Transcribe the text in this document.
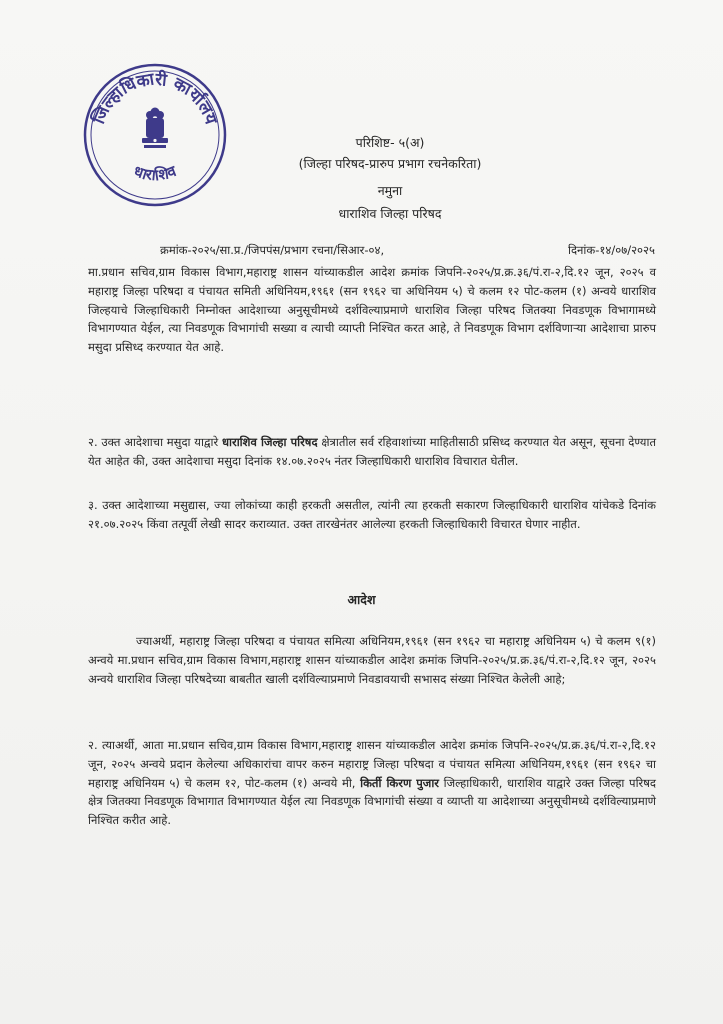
जिल्हाधिकारी कार्यालय
धाराशिव
परिशिष्ट- ५(अ)
(जिल्हा परिषद-प्रारुप प्रभाग रचनेकरिता)
नमुना
धाराशिव जिल्हा परिषद
क्रमांक-२०२५/सा.प्र./जिपपंस/प्रभाग रचना/सिआर-०४,	दिनांक-१४/०७/२०२५
मा.प्रधान सचिव,ग्राम विकास विभाग,महाराष्ट्र शासन यांच्याकडील आदेश क्रमांक जिपनि-२०२५/प्र.क्र.३६/पं.रा-२,दि.१२ जून, २०२५ व महाराष्ट्र जिल्हा परिषदा व पंचायत समिती अधिनियम,१९६१ (सन १९६२ चा अधिनियम ५) चे कलम १२ पोट-कलम (१) अन्वये धाराशिव जिल्हयाचे जिल्हाधिकारी निम्नोक्त आदेशाच्या अनुसूचीमध्ये दर्शविल्याप्रमाणे धाराशिव जिल्हा परिषद जितक्या निवडणूक विभागामध्ये विभागण्यात येईल, त्या निवडणूक विभागांची सख्या व त्याची व्याप्ती निश्चित करत आहे, ते निवडणूक विभाग दर्शविणाऱ्या आदेशाचा प्रारुप मसुदा प्रसिध्द करण्यात येत आहे.
२. उक्त आदेशाचा मसुदा याद्वारे धाराशिव जिल्हा परिषद क्षेत्रातील सर्व रहिवाशांच्या माहितीसाठी प्रसिध्द करण्यात येत असून, सूचना देण्यात येत आहेत की, उक्त आदेशाचा मसुदा दिनांक १४.०७.२०२५ नंतर जिल्हाधिकारी धाराशिव विचारात घेतील.
३. उक्त आदेशाच्या मसुद्यास, ज्या लोकांच्या काही हरकती असतील, त्यांनी त्या हरकती सकारण जिल्हाधिकारी धाराशिव यांचेकडे दिनांक २१.०७.२०२५ किंवा तत्पूर्वी लेखी सादर कराव्यात. उक्त तारखेनंतर आलेल्या हरकती जिल्हाधिकारी विचारत घेणार नाहीत.
आदेश
ज्याअर्थी, महाराष्ट्र जिल्हा परिषदा व पंचायत समित्या अधिनियम,१९६१ (सन १९६२ चा महाराष्ट्र अधिनियम ५) चे कलम ९(१) अन्वये मा.प्रधान सचिव,ग्राम विकास विभाग,महाराष्ट्र शासन यांच्याकडील आदेश क्रमांक जिपनि-२०२५/प्र.क्र.३६/पं.रा-२,दि.१२ जून, २०२५ अन्वये धाराशिव जिल्हा परिषदेच्या बाबतीत खाली दर्शविल्याप्रमाणे निवडावयाची सभासद संख्या निश्चित केलेली आहे;
२. त्याअर्थी, आता मा.प्रधान सचिव,ग्राम विकास विभाग,महाराष्ट्र शासन यांच्याकडील आदेश क्रमांक जिपनि-२०२५/प्र.क्र.३६/पं.रा-२,दि.१२ जून, २०२५ अन्वये प्रदान केलेल्या अधिकारांचा वापर करुन महाराष्ट्र जिल्हा परिषदा व पंचायत समित्या अधिनियम,१९६१ (सन १९६२ चा महाराष्ट्र अधिनियम ५) चे कलम १२, पोट-कलम (१) अन्वये मी, किर्ती किरण पुजार जिल्हाधिकारी, धाराशिव याद्वारे उक्त जिल्हा परिषद क्षेत्र जितक्या निवडणूक विभागात विभागण्यात येईल त्या निवडणूक विभागांची संख्या व व्याप्ती या आदेशाच्या अनुसूचीमध्ये दर्शविल्याप्रमाणे निश्चित करीत आहे.
